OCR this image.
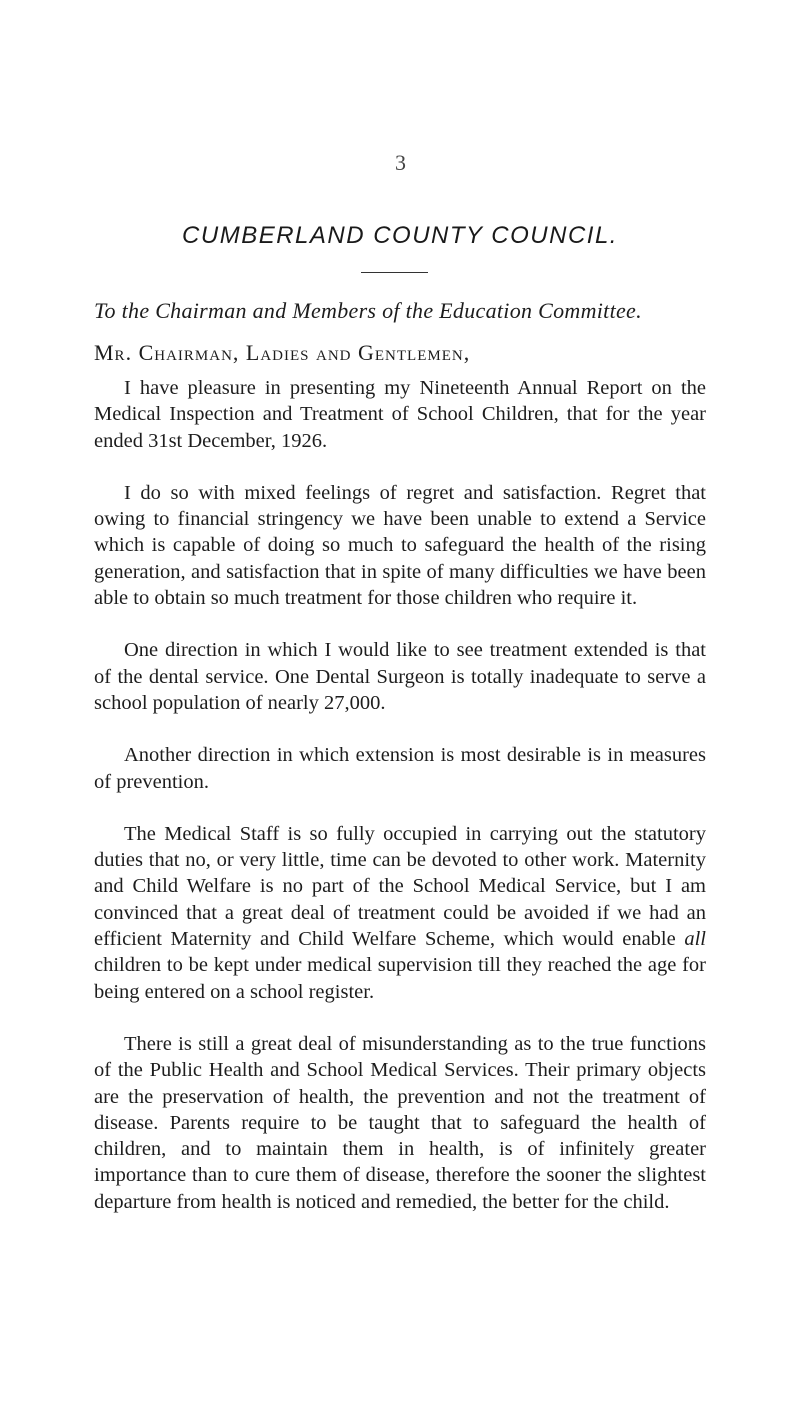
3
CUMBERLAND COUNTY COUNCIL.
To the Chairman and Members of the Education Committee.
Mr. Chairman, Ladies and Gentlemen,

I have pleasure in presenting my Nineteenth Annual Report on the Medical Inspection and Treatment of School Children, that for the year ended 31st December, 1926.

I do so with mixed feelings of regret and satisfaction. Regret that owing to financial stringency we have been unable to extend a Service which is capable of doing so much to safeguard the health of the rising generation, and satisfaction that in spite of many difficulties we have been able to obtain so much treatment for those children who require it.

One direction in which I would like to see treatment extended is that of the dental service. One Dental Surgeon is totally inadequate to serve a school population of nearly 27,000.

Another direction in which extension is most desirable is in measures of prevention.

The Medical Staff is so fully occupied in carrying out the statutory duties that no, or very little, time can be devoted to other work. Maternity and Child Welfare is no part of the School Medical Service, but I am convinced that a great deal of treatment could be avoided if we had an efficient Maternity and Child Welfare Scheme, which would enable all children to be kept under medical supervision till they reached the age for being entered on a school register.

There is still a great deal of misunderstanding as to the true functions of the Public Health and School Medical Services. Their primary objects are the preservation of health, the prevention and not the treatment of disease. Parents require to be taught that to safeguard the health of children, and to maintain them in health, is of infinitely greater importance than to cure them of disease, therefore the sooner the slightest departure from health is noticed and remedied, the better for the child.
